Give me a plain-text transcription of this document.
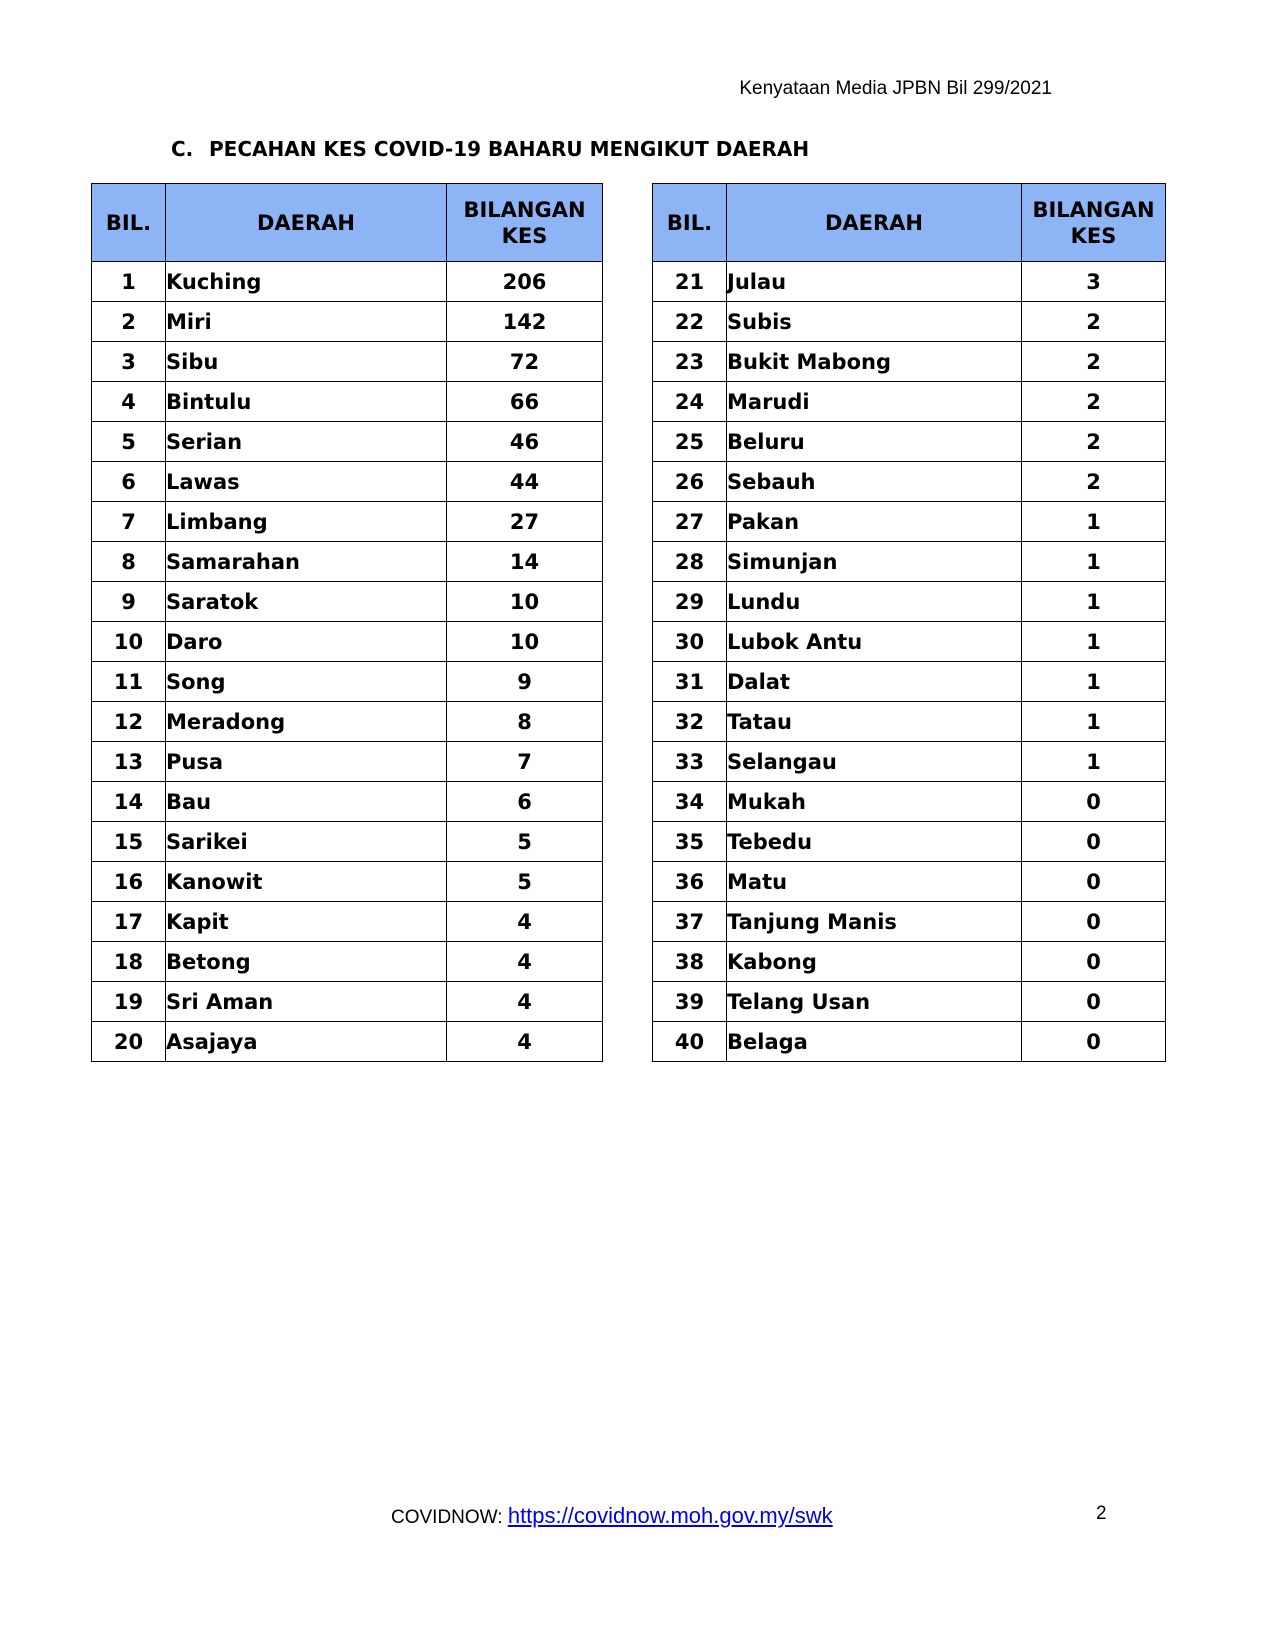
Kenyataan Media JPBN Bil 299/2021
C. PECAHAN KES COVID-19 BAHARU MENGIKUT DAERAH
BIL.	DAERAH	BILANGAN
KES
1	Kuching	206
2	Miri	142
3	Sibu	72
4	Bintulu	66
5	Serian	46
6	Lawas	44
7	Limbang	27
8	Samarahan	14
9	Saratok	10
10	Daro	10
11	Song	9
12	Meradong	8
13	Pusa	7
14	Bau	6
15	Sarikei	5
16	Kanowit	5
17	Kapit	4
18	Betong	4
19	Sri Aman	4
20	Asajaya	4
BIL.	DAERAH	BILANGAN
KES
21	Julau	3
22	Subis	2
23	Bukit Mabong	2
24	Marudi	2
25	Beluru	2
26	Sebauh	2
27	Pakan	1
28	Simunjan	1
29	Lundu	1
30	Lubok Antu	1
31	Dalat	1
32	Tatau	1
33	Selangau	1
34	Mukah	0
35	Tebedu	0
36	Matu	0
37	Tanjung Manis	0
38	Kabong	0
39	Telang Usan	0
40	Belaga	0
COVIDNOW: https://covidnow.moh.gov.my/swk	2
